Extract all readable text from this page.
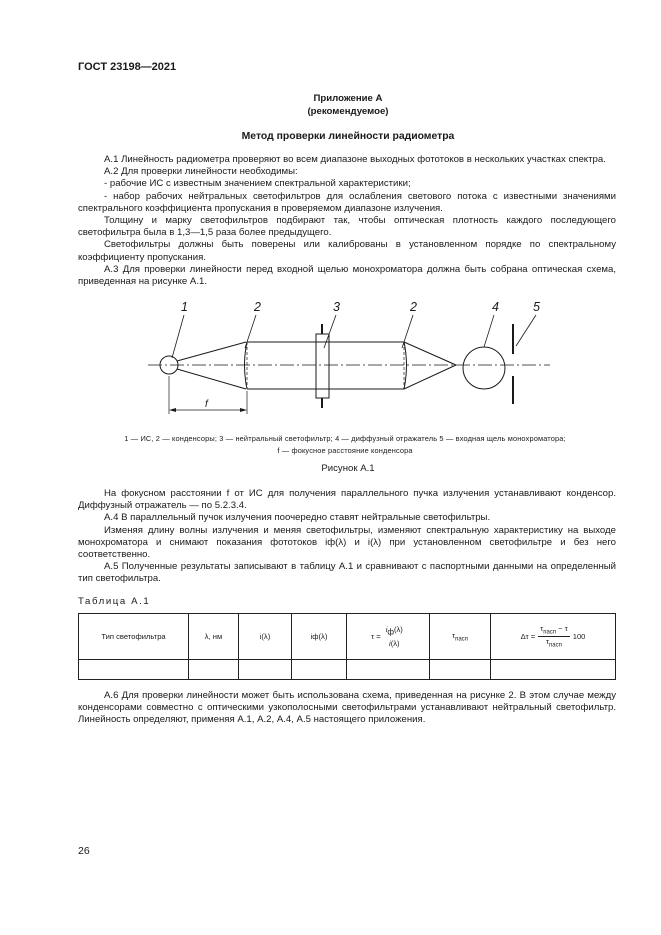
ГОСТ 23198—2021
Приложение А
(рекомендуемое)
Метод проверки линейности радиометра

А.1 Линейность радиометра проверяют во всем диапазоне выходных фототоков в нескольких участках спектра.

А.2 Для проверки линейности необходимы:

- рабочие ИС с известным значением спектральной характеристики;

- набор рабочих нейтральных светофильтров для ослабления светового потока с известными значениями спектрального коэффициента пропускания в проверяемом диапазоне излучения.

Толщину и марку светофильтров подбирают так, чтобы оптическая плотность каждого последующего светофильтра была в 1,3—1,5 раза более предыдущего.

Светофильтры должны быть поверены или калиброваны в установленном порядке по спектральному коэффициенту пропускания.

А.3 Для проверки линейности перед входной щелью монохроматора должна быть собрана оптическая схема, приведенная на рисунке А.1.

1	2	3	2	4	5
f
1 — ИС, 2 — конденсоры; 3 — нейтральный светофильтр; 4 — диффузный отражатель 5 — входная щель монохроматора;
f — фокусное расстояние конденсора
Рисунок А.1

На фокусном расстоянии f от ИС для получения параллельного пучка излучения устанавливают конденсор. Диффузный отражатель — по 5.2.3.4.

А.4 В параллельный пучок излучения поочередно ставят нейтральные светофильтры.

Изменяя длину волны излучения и меняя светофильтры, изменяют спектральную характеристику на выходе монохроматора и снимают показания фототоков iф(λ) и i(λ) при установленном светофильтре и без него соответственно.

А.5 Полученные результаты записывают в таблицу А.1 и сравнивают с паспортными данными на определенный тип светофильтра.

Таблица А.1
Тип светофильтра	λ, нм	i(λ)	iф(λ)	τ =
$i_ф(\lambda)$
i(λ)	$\tau_{пасп}$	Δτ =
$\tau_{пасп} - \tau$
$\tau_{пасп}$
100

А.6 Для проверки линейности может быть использована схема, приведенная на рисунке 2. В этом случае между конденсорами совместно с оптическими узкополосными светофильтрами устанавливают нейтральный светофильтр. Линейность определяют, применяя А.1, А.2, А.4, А.5 настоящего приложения.

26
